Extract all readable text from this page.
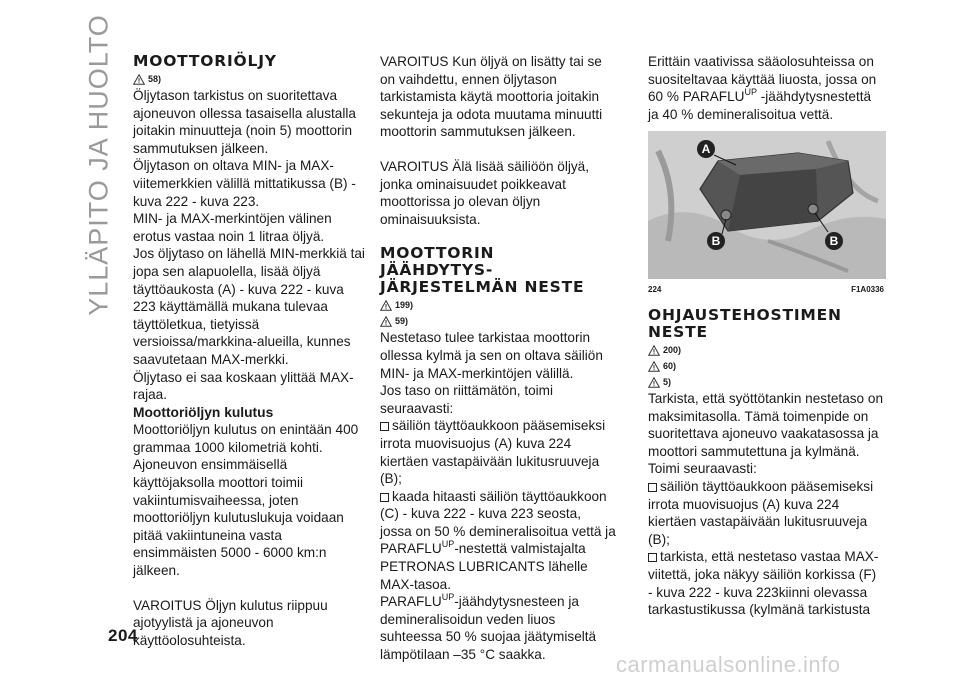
YLLÄPITO JA HUOLTO MOOTTORIÖLJY
58)

Öljytason tarkistus on suoritettava ajoneuvon ollessa tasaisella alustalla joitakin minuutteja (noin 5) moottorin sammutuksen jälkeen.

Öljytason on oltava MIN- ja MAX-viitemerkkien välillä mittatikussa (B) - kuva 222 - kuva 223.

MIN- ja MAX-merkintöjen välinen erotus vastaa noin 1 litraa öljyä.

Jos öljytaso on lähellä MIN-merkkiä tai jopa sen alapuolella, lisää öljyä täyttöaukosta (A) - kuva 222 - kuva 223 käyttämällä mukana tulevaa täyttöletkua, tietyissä versioissa/markkina-alueilla, kunnes saavutetaan MAX-merkki.

Öljytaso ei saa koskaan ylittää MAX-rajaa.

Moottoriöljyn kulutus

Moottoriöljyn kulutus on enintään 400 grammaa 1000 kilometriä kohti.

Ajoneuvon ensimmäisellä käyttöjaksolla moottori toimii vakiintumisvaiheessa, joten moottoriöljyn kulutuslukuja voidaan pitää vakiintuneina vasta ensimmäisten 5000 - 6000 km:n jälkeen.

VAROITUS Öljyn kulutus riippuu ajotyylistä ja ajoneuvon käyttöolosuhteista.

VAROITUS Kun öljyä on lisätty tai se on vaihdettu, ennen öljytason tarkistamista käytä moottoria joitakin sekunteja ja odota muutama minuutti moottorin sammutuksen jälkeen.

VAROITUS Älä lisää säiliöön öljyä, jonka ominaisuudet poikkeavat moottorissa jo olevan öljyn ominaisuuksista.

MOOTTORIN
JÄÄHDYTYS-
JÄRJESTELMÄN NESTE
199)
59)

Nestetaso tulee tarkistaa moottorin ollessa kylmä ja sen on oltava säiliön MIN- ja MAX-merkintöjen välillä.

Jos taso on riittämätön, toimi seuraavasti:

säiliön täyttöaukkoon pääsemiseksi irrota muovisuojus (A) kuva 224 kiertäen vastapäivään lukitusruuveja (B);

kaada hitaasti säiliön täyttöaukkoon (C) - kuva 222 - kuva 223 seosta, jossa on 50 % demineralisoitua vettä ja $PARAFLU^{UP}$-nestettä valmistajalta PETRONAS LUBRICANTS lähelle MAX-tasoa.

$PARAFLU^{UP}$-jäähdytysnesteen ja demineralisoidun veden liuos suhteessa 50 % suojaa jäätymiseltä lämpötilaan –35 °C saakka.

Erittäin vaativissa sääolosuhteissa on suositeltavaa käyttää liuosta, jossa on 60 % $PARAFLU^{UP}$ -jäähdytysnestettä ja 40 % demineralisoitua vettä.

A
B	B
224	F1A0336
OHJAUSTEHOSTIMEN
NESTE
200)
60)
5)

Tarkista, että syöttötankin nestetaso on maksimitasolla. Tämä toimenpide on suoritettava ajoneuvo vaakatasossa ja moottori sammutettuna ja kylmänä.

Toimi seuraavasti:

säiliön täyttöaukkoon pääsemiseksi irrota muovisuojus (A) kuva 224 kiertäen vastapäivään lukitusruuveja (B);

tarkista, että nestetaso vastaa MAX-viitettä, joka näkyy säiliön korkissa (F) - kuva 222 - kuva 223kiinni olevassa tarkastustikussa (kylmänä tarkistusta

204
carmanualsonline.info
